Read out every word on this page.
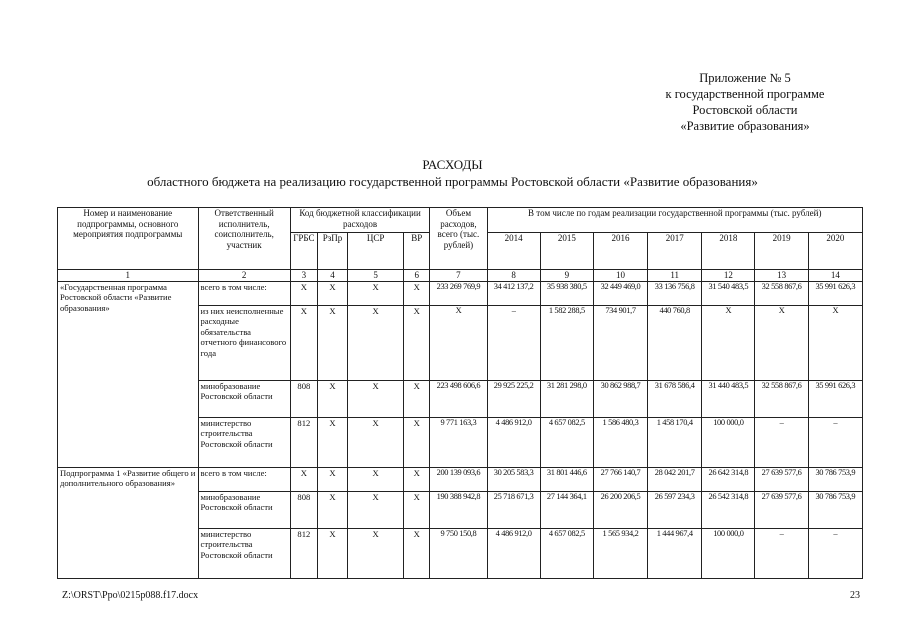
Приложение № 5
к государственной программе
Ростовской области
«Развитие образования»
РАСХОДЫ
областного бюджета на реализацию государственной программы Ростовской области «Развитие образования»
Номер и наименование подпрограммы, основного мероприятия подпрограммы	Ответственный исполнитель, соисполнитель, участник	Код бюджетной классификации расходов				Объем расходов, всего (тыс. рублей)	В том числе по годам реализации государственной программы (тыс. рублей)						
		ГРБС	РзПр	ЦСР	ВР		2014	2015	2016	2017	2018	2019	2020
1	2	3	4	5	6	7	8	9	10	11	12	13	14
«Государственная программа Ростовской области «Развитие образования»	всего в том числе:	Х	Х	Х	Х	233 269 769,9	34 412 137,2	35 938 380,5	32 449 469,0	33 136 756,8	31 540 483,5	32 558 867,6	35 991 626,3
	из них неисполненные расходные обязательства отчетного финансового года	Х	Х	Х	Х	Х	–	1 582 288,5	734 901,7	440 760,8	Х	Х	Х
	минобразование Ростовской области	808	Х	Х	Х	223 498 606,6	29 925 225,2	31 281 298,0	30 862 988,7	31 678 586,4	31 440 483,5	32 558 867,6	35 991 626,3
	министерство строительства Ростовской области	812	Х	Х	Х	9 771 163,3	4 486 912,0	4 657 082,5	1 586 480,3	1 458 170,4	100 000,0	–	–
Подпрограмма 1 «Развитие общего и дополнительного образования»	всего в том числе:	Х	Х	Х	Х	200 139 093,6	30 205 583,3	31 801 446,6	27 766 140,7	28 042 201,7	26 642 314,8	27 639 577,6	30 786 753,9
	минобразование Ростовской области	808	Х	Х	Х	190 388 942,8	25 718 671,3	27 144 364,1	26 200 206,5	26 597 234,3	26 542 314,8	27 639 577,6	30 786 753,9
	министерство строительства Ростовской области	812	Х	Х	Х	9 750 150,8	4 486 912,0	4 657 082,5	1 565 934,2	1 444 967,4	100 000,0	–	–
Z:\ORST\Ppo\0215p088.f17.docx	23
